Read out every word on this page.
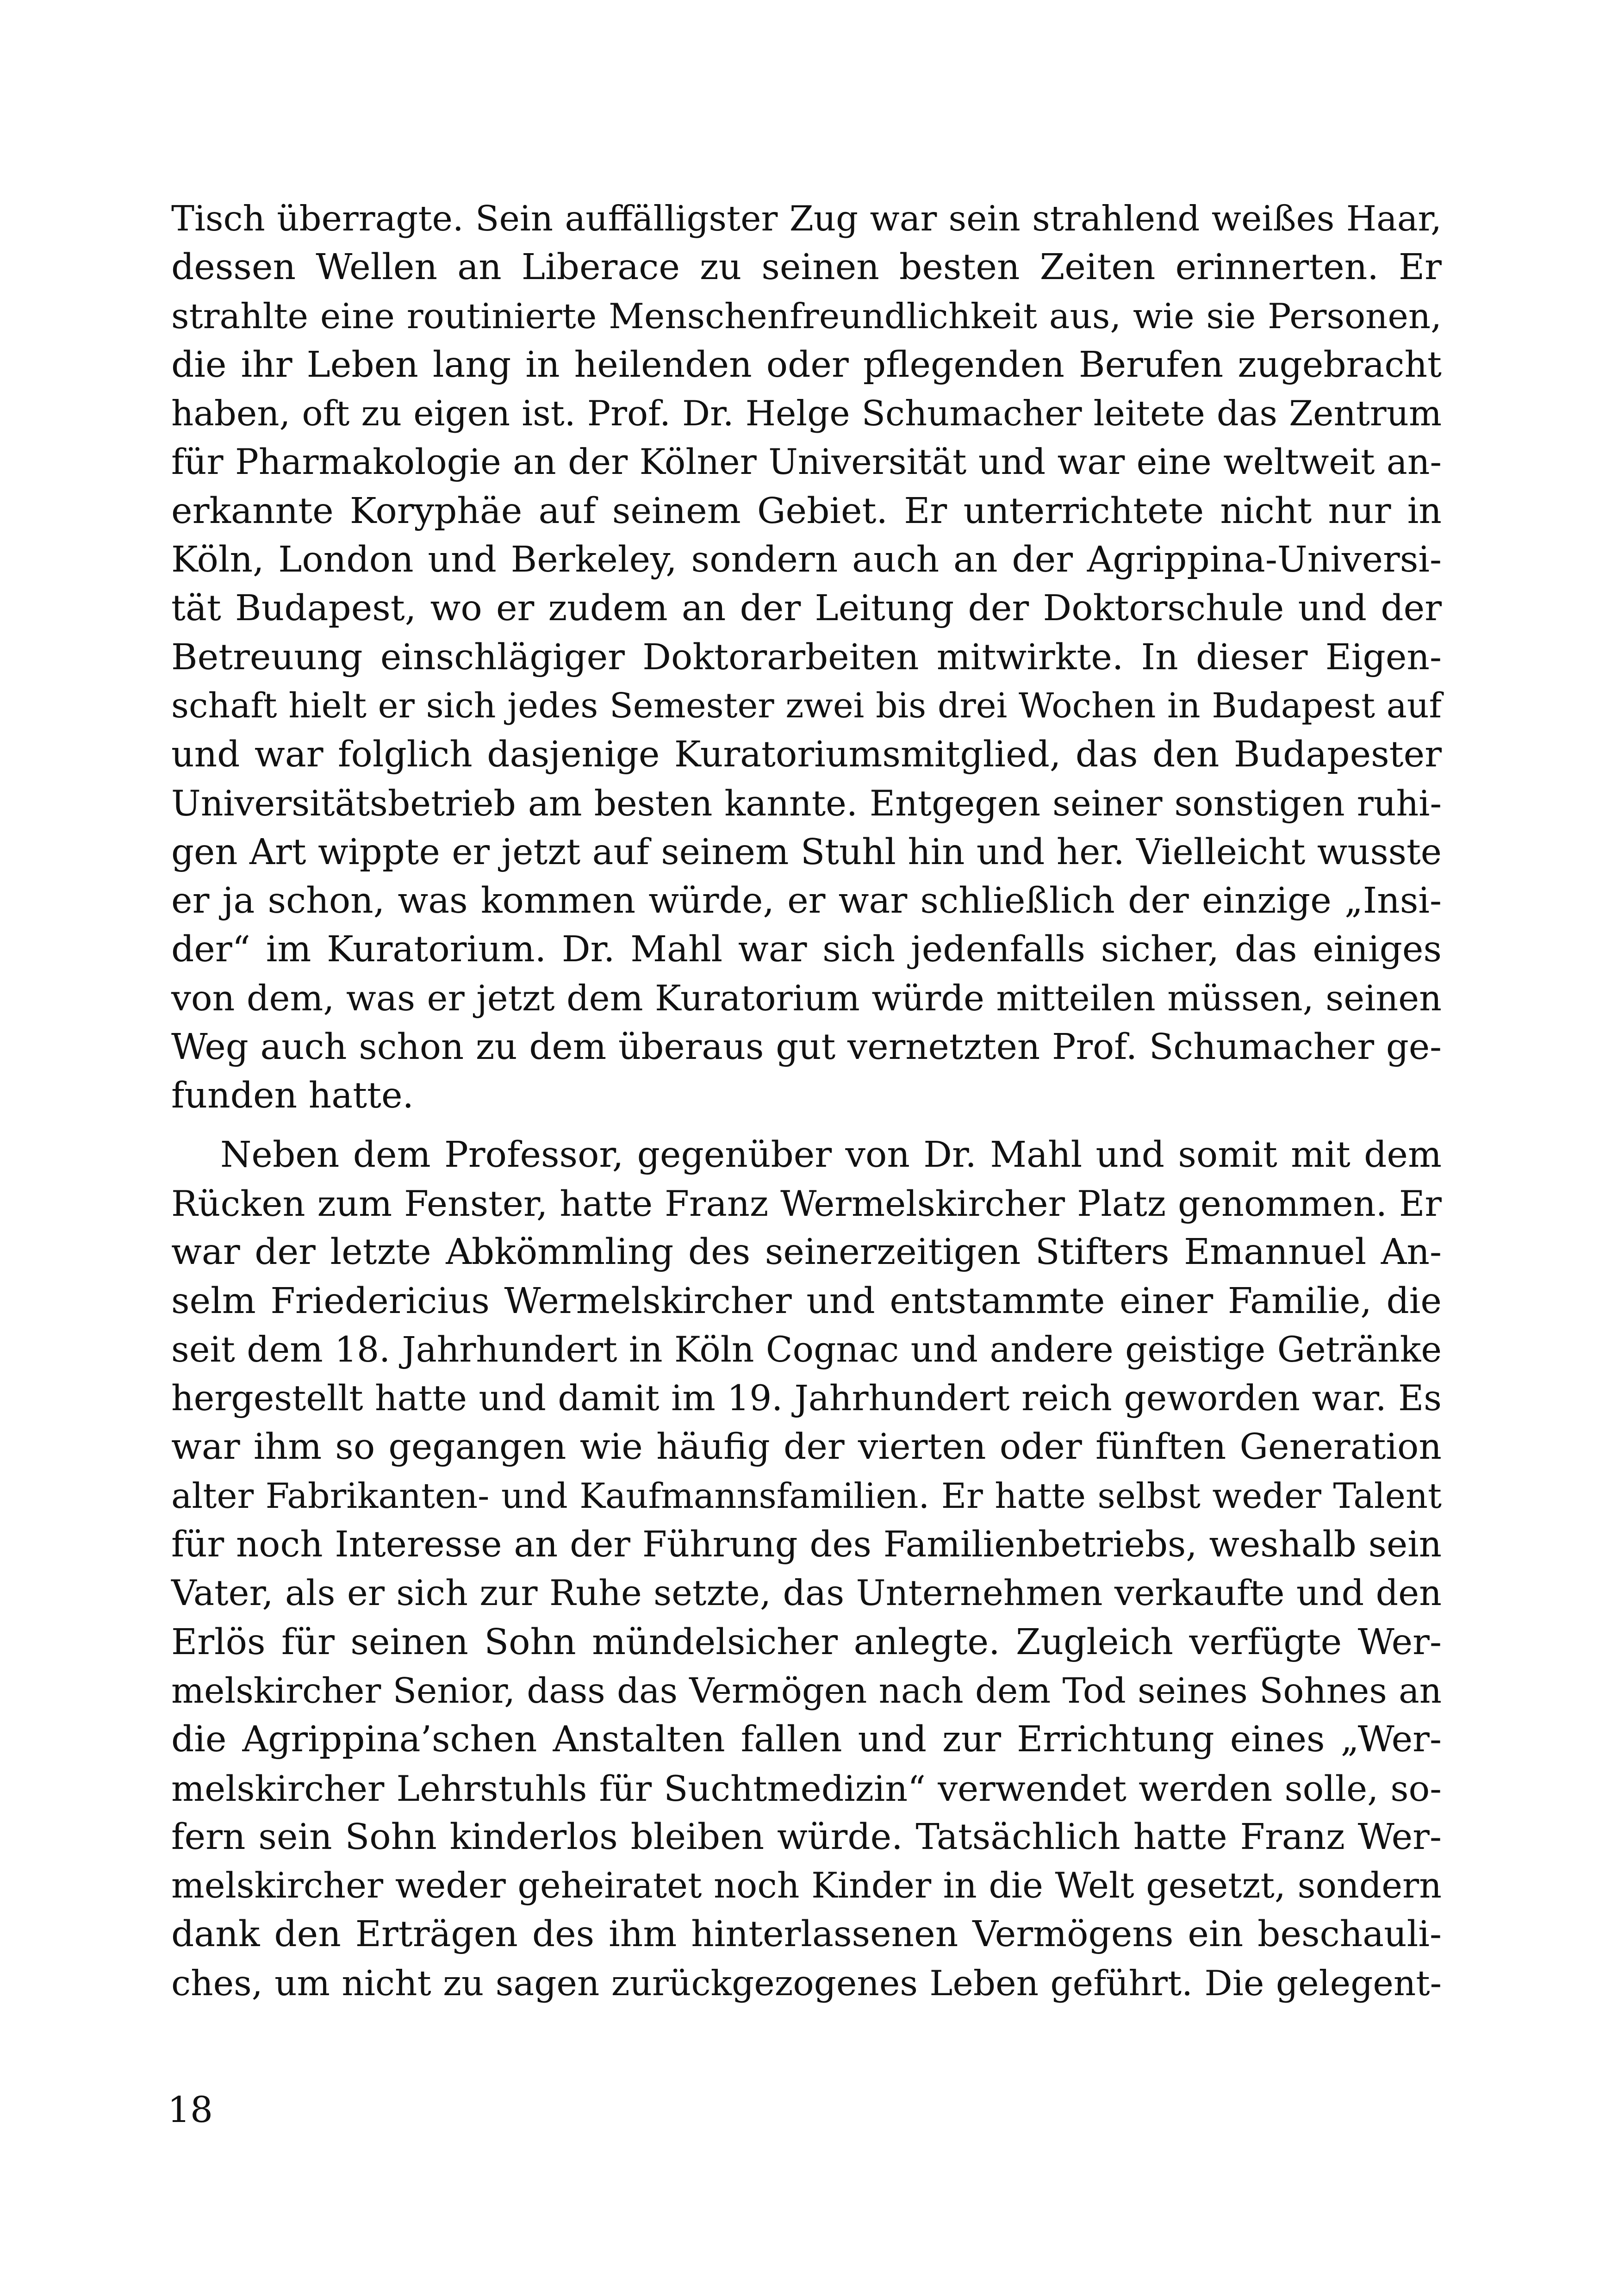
Tisch überragte. Sein auffälligster Zug war sein strahlend weißes Haar,
dessen Wellen an Liberace zu seinen besten Zeiten erinnerten. Er
strahlte eine routinierte Menschenfreundlichkeit aus, wie sie Personen,
die ihr Leben lang in heilenden oder pflegenden Berufen zugebracht
haben, oft zu eigen ist. Prof. Dr. Helge Schumacher leitete das Zentrum
für Pharmakologie an der Kölner Universität und war eine weltweit an-
erkannte Koryphäe auf seinem Gebiet. Er unterrichtete nicht nur in
Köln, London und Berkeley, sondern auch an der Agrippina-Universi-
tät Budapest, wo er zudem an der Leitung der Doktorschule und der
Betreuung einschlägiger Doktorarbeiten mitwirkte. In dieser Eigen-
schaft hielt er sich jedes Semester zwei bis drei Wochen in Budapest auf
und war folglich dasjenige Kuratoriumsmitglied, das den Budapester
Universitätsbetrieb am besten kannte. Entgegen seiner sonstigen ruhi-
gen Art wippte er jetzt auf seinem Stuhl hin und her. Vielleicht wusste
er ja schon, was kommen würde, er war schließlich der einzige „Insi-
der“ im Kuratorium. Dr. Mahl war sich jedenfalls sicher, das einiges
von dem, was er jetzt dem Kuratorium würde mitteilen müssen, seinen
Weg auch schon zu dem überaus gut vernetzten Prof. Schumacher ge-
funden hatte.
Neben dem Professor, gegenüber von Dr. Mahl und somit mit dem
Rücken zum Fenster, hatte Franz Wermelskircher Platz genommen. Er
war der letzte Abkömmling des seinerzeitigen Stifters Emannuel An-
selm Friedericius Wermelskircher und entstammte einer Familie, die
seit dem 18. Jahrhundert in Köln Cognac und andere geistige Getränke
hergestellt hatte und damit im 19. Jahrhundert reich geworden war. Es
war ihm so gegangen wie häufig der vierten oder fünften Generation
alter Fabrikanten- und Kaufmannsfamilien. Er hatte selbst weder Talent
für noch Interesse an der Führung des Familienbetriebs, weshalb sein
Vater, als er sich zur Ruhe setzte, das Unternehmen verkaufte und den
Erlös für seinen Sohn mündelsicher anlegte. Zugleich verfügte Wer-
melskircher Senior, dass das Vermögen nach dem Tod seines Sohnes an
die Agrippina’schen Anstalten fallen und zur Errichtung eines „Wer-
melskircher Lehrstuhls für Suchtmedizin“ verwendet werden solle, so-
fern sein Sohn kinderlos bleiben würde. Tatsächlich hatte Franz Wer-
melskircher weder geheiratet noch Kinder in die Welt gesetzt, sondern
dank den Erträgen des ihm hinterlassenen Vermögens ein beschauli-
ches, um nicht zu sagen zurückgezogenes Leben geführt. Die gelegent-
18
